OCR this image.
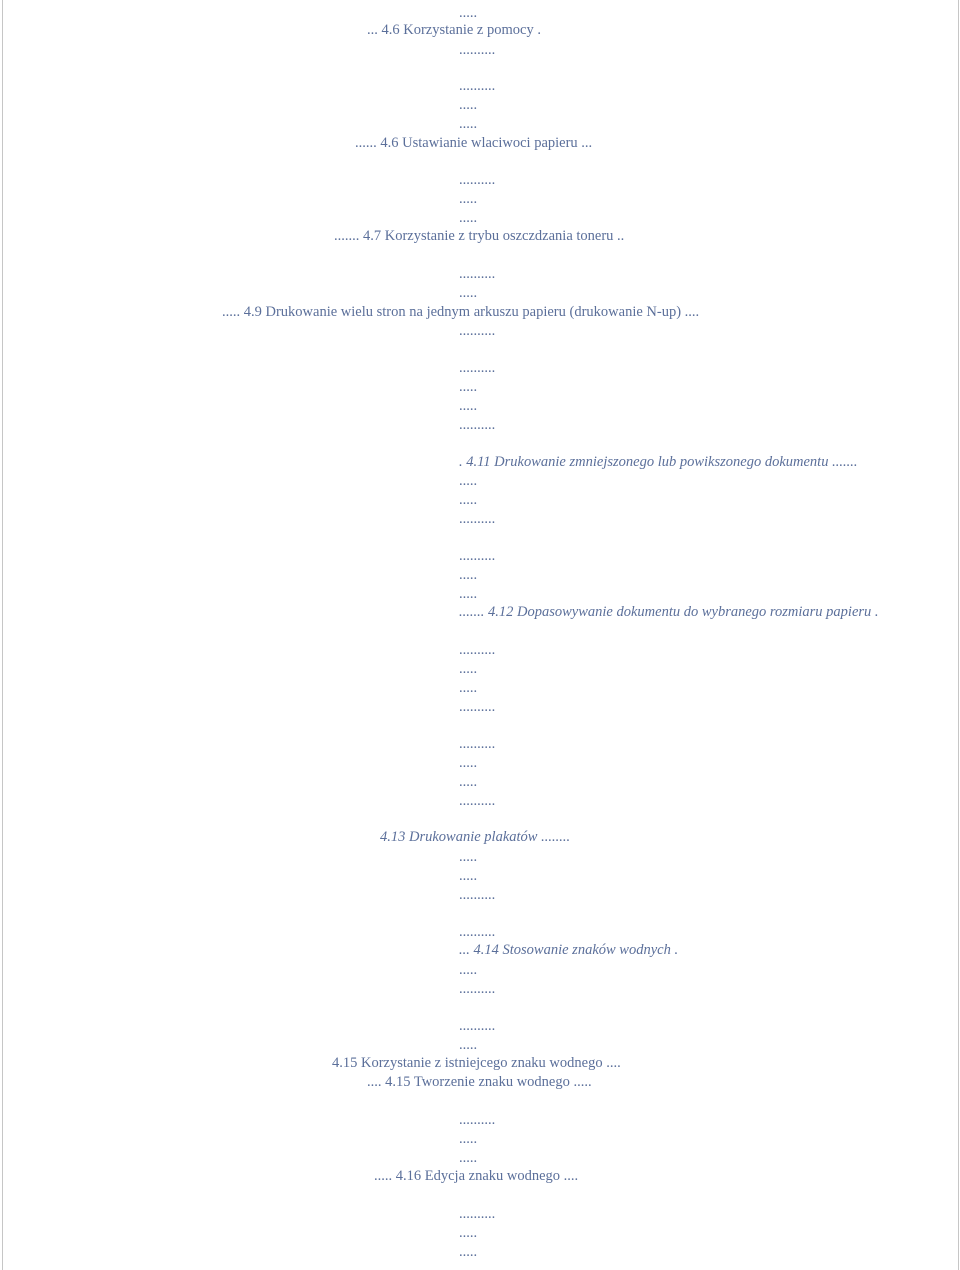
.....
... 4.6 Korzystanie z pomocy .
..........
..........
.....
.....
...... 4.6 Ustawianie wlaciwoci papieru ...
..........
.....
.....
....... 4.7 Korzystanie z trybu oszczdzania toneru ..
..........
.....
..... 4.9 Drukowanie wielu stron na jednym arkuszu papieru (drukowanie N-up) ....
..........
..........
.....
.....
..........
. 4.11 Drukowanie zmniejszonego lub powikszonego dokumentu .......
.....
.....
..........
..........
.....
.....
....... 4.12 Dopasowywanie dokumentu do wybranego rozmiaru papieru .
..........
.....
.....
..........
..........
.....
.....
..........
4.13 Drukowanie plakatów ........
.....
.....
..........
..........
... 4.14 Stosowanie znaków wodnych .
.....
..........
..........
.....
4.15 Korzystanie z istniejcego znaku wodnego ....
.... 4.15 Tworzenie znaku wodnego .....
..........
.....
.....
..... 4.16 Edycja znaku wodnego ....
..........
.....
.....
